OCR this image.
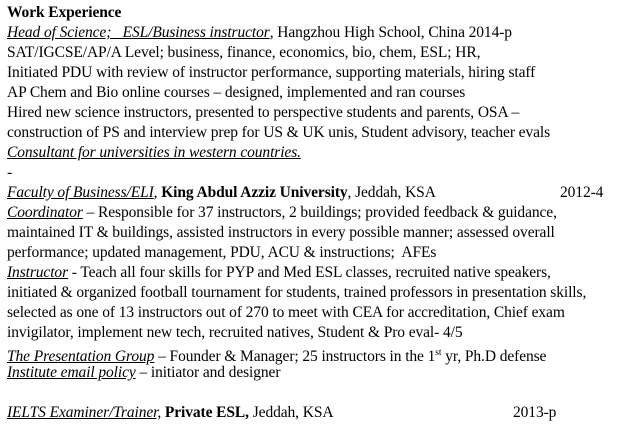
Work Experience

Head of Science;   ESL/Business instructor, Hangzhou High School, China 2014-p

SAT/IGCSE/AP/A Level; business, finance, economics, bio, chem, ESL; HR,

Initiated PDU with review of instructor performance, supporting materials, hiring staff

AP Chem and Bio online courses – designed, implemented and ran courses

Hired new science instructors, presented to perspective students and parents, OSA –

construction of PS and interview prep for US & UK unis, Student advisory, teacher evals

Consultant for universities in western countries.

-

Faculty of Business/ELI, King Abdul Azziz University, Jeddah, KSA	2012-4

Coordinator – Responsible for 37 instructors, 2 buildings; provided feedback & guidance,

maintained IT & buildings, assisted instructors in every possible manner; assessed overall

performance; updated management, PDU, ACU & instructions;  AFEs

Instructor - Teach all four skills for PYP and Med ESL classes, recruited native speakers,

initiated & organized football tournament for students, trained professors in presentation skills,

selected as one of 13 instructors out of 270 to meet with CEA for accreditation, Chief exam

invigilator, implement new tech, recruited natives, Student & Pro eval- 4/5

The Presentation Group – Founder & Manager; 25 instructors in the 1st yr, Ph.D defense

Institute email policy – initiator and designer

IELTS Examiner/Trainer, Private ESL, Jeddah, KSA	2013-p
